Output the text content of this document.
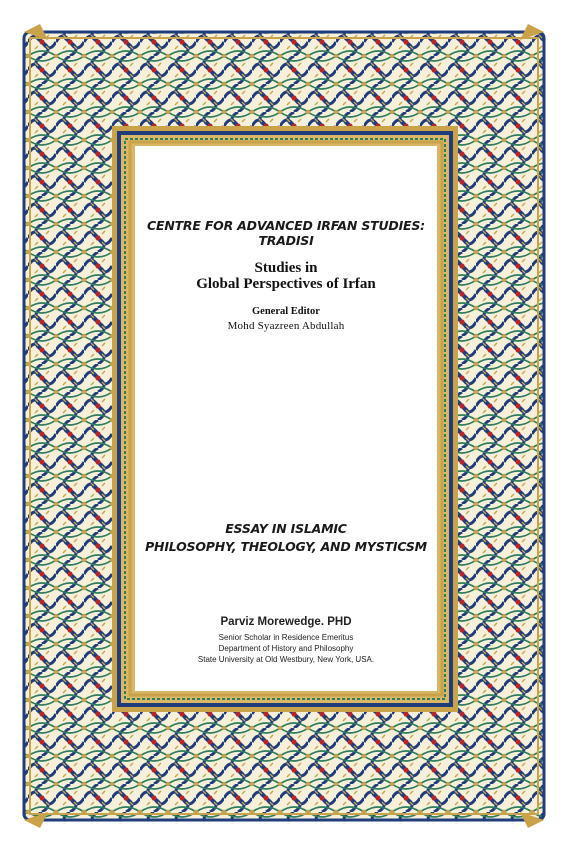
CENTRE FOR ADVANCED IRFAN STUDIES:
TRADISI
Studies in
Global Perspectives of Irfan
General Editor
Mohd Syazreen Abdullah
ESSAY IN ISLAMIC
PHILOSOPHY, THEOLOGY, AND MYSTICSM
Parviz Morewedge. PHD
Senior Scholar in Residence Emeritus
Department of History and Philosophy
State University at Old Westbury, New York, USA.
